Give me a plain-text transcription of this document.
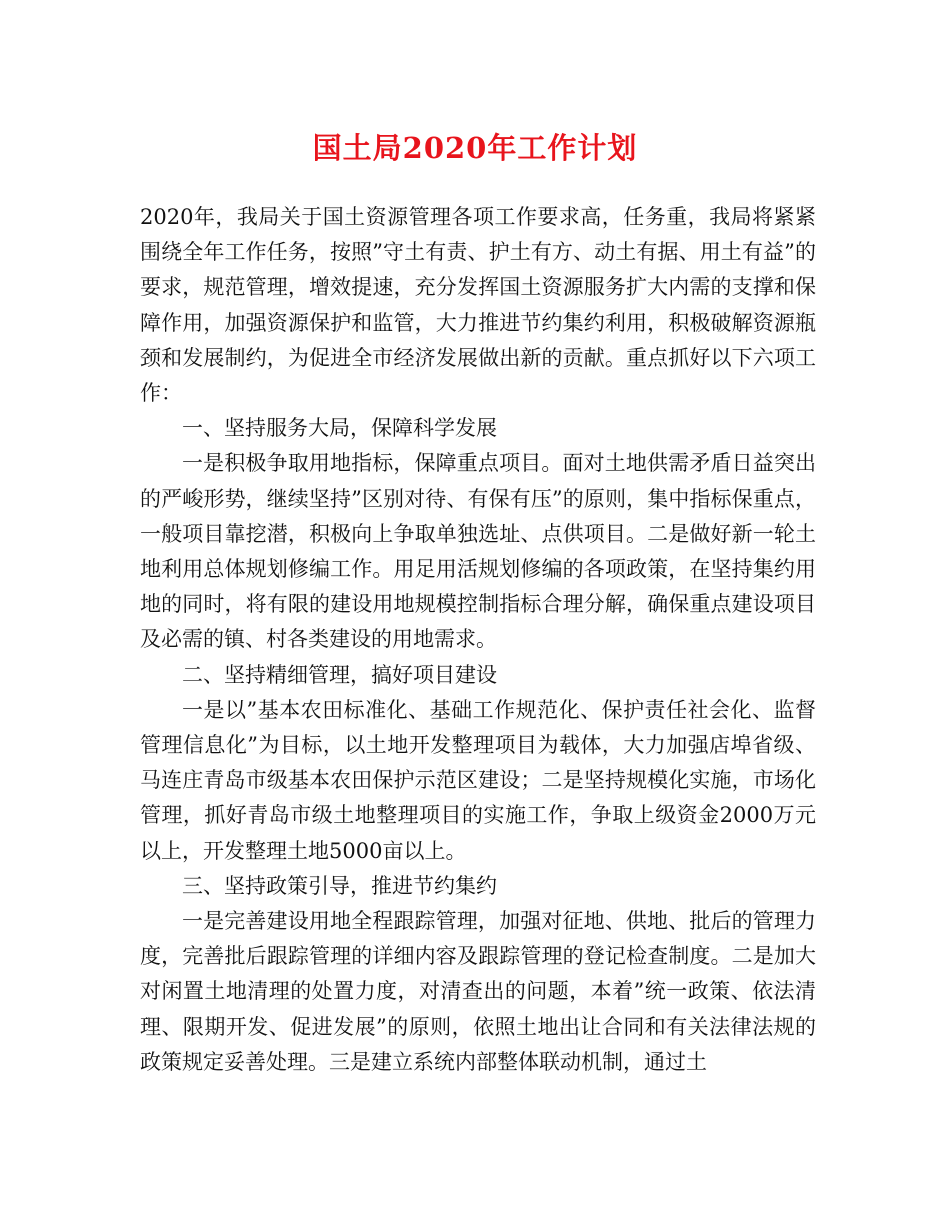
国土局2020年工作计划

2020年，我局关于国土资源管理各项工作要求高，任务重，我局将紧紧围绕全年工作任务，按照”守土有责、护土有方、动土有据、用土有益”的要求，规范管理，增效提速，充分发挥国土资源服务扩大内需的支撑和保障作用，加强资源保护和监管，大力推进节约集约利用，积极破解资源瓶颈和发展制约，为促进全市经济发展做出新的贡献。重点抓好以下六项工作：

一、坚持服务大局，保障科学发展

一是积极争取用地指标，保障重点项目。面对土地供需矛盾日益突出的严峻形势，继续坚持”区别对待、有保有压”的原则，集中指标保重点，一般项目靠挖潜，积极向上争取单独选址、点供项目。二是做好新一轮土地利用总体规划修编工作。用足用活规划修编的各项政策，在坚持集约用地的同时，将有限的建设用地规模控制指标合理分解，确保重点建设项目及必需的镇、村各类建设的用地需求。

二、坚持精细管理，搞好项目建设

一是以”基本农田标准化、基础工作规范化、保护责任社会化、监督管理信息化”为目标，以土地开发整理项目为载体，大力加强店埠省级、马连庄青岛市级基本农田保护示范区建设；二是坚持规模化实施，市场化管理，抓好青岛市级土地整理项目的实施工作，争取上级资金2000万元以上，开发整理土地5000亩以上。

三、坚持政策引导，推进节约集约

一是完善建设用地全程跟踪管理，加强对征地、供地、批后的管理力度，完善批后跟踪管理的详细内容及跟踪管理的登记检查制度。二是加大对闲置土地清理的处置力度，对清查出的问题，本着”统一政策、依法清理、限期开发、促进发展”的原则，依照土地出让合同和有关法律法规的政策规定妥善处理。三是建立系统内部整体联动机制，通过土
